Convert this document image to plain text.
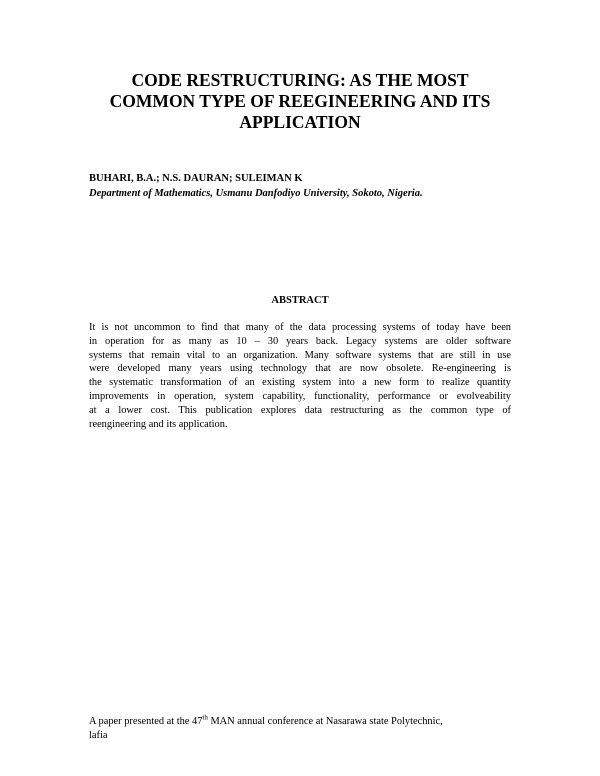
CODE RESTRUCTURING: AS THE MOST
COMMON TYPE OF REEGINEERING AND ITS
APPLICATION
BUHARI, B.A.; N.S. DAURAN; SULEIMAN K
Department of Mathematics, Usmanu Danfodiyo University, Sokoto, Nigeria.
ABSTRACT
It is not uncommon to find that many of the data processing systems of today have been
in operation for as many as 10 – 30 years back. Legacy systems are older software
systems that remain vital to an organization. Many software systems that are still in use
were developed many years using technology that are now obsolete. Re-engineering is
the systematic transformation of an existing system into a new form to realize quantity
improvements in operation, system capability, functionality, performance or evolveability
at a lower cost. This publication explores data restructuring as the common type of
reengineering and its application.
A paper presented at the 47th MAN annual conference at Nasarawa state Polytechnic,
lafia
